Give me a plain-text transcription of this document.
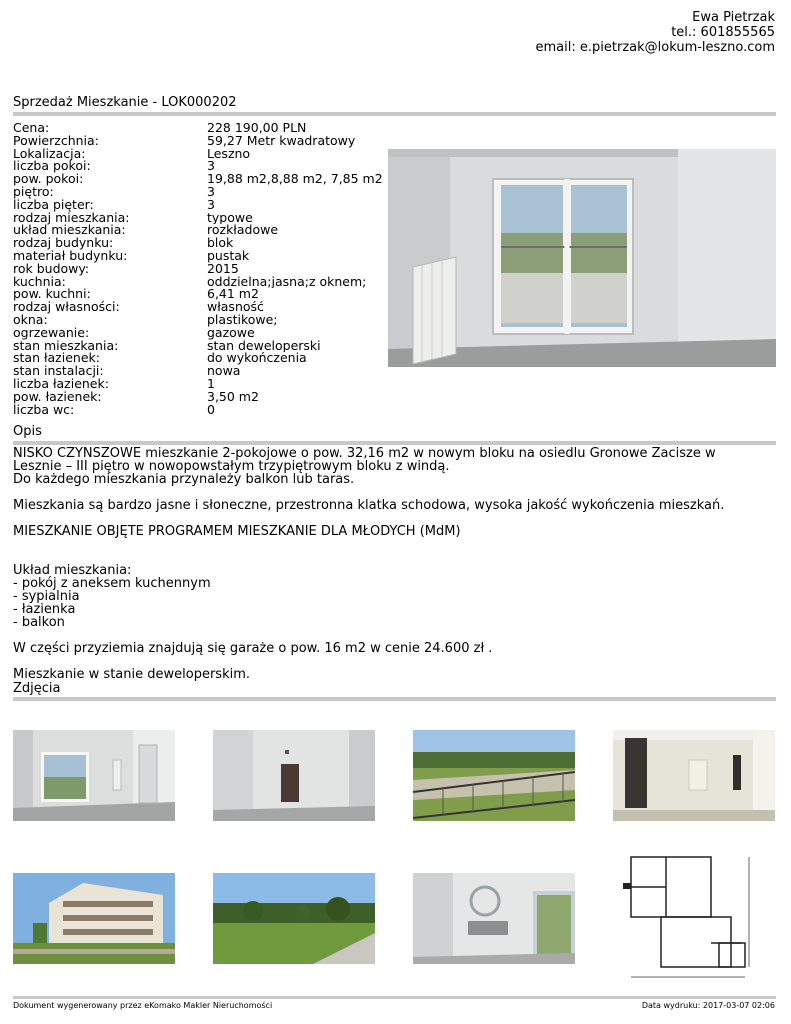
Ewa Pietrzak
tel.: 601855565
email: e.pietrzak@lokum-leszno.com
Sprzedaż Mieszkanie - LOK000202
Cena:	228 190,00 PLN
Powierzchnia:	59,27 Metr kwadratowy
Lokalizacja:	Leszno
liczba pokoi:	3
pow. pokoi:	19,88 m2,8,88 m2, 7,85 m2
piętro:	3
liczba pięter:	3
rodzaj mieszkania:	typowe
układ mieszkania:	rozkładowe
rodzaj budynku:	blok
materiał budynku:	pustak
rok budowy:	2015
kuchnia:	oddzielna;jasna;z oknem;
pow. kuchni:	6,41 m2
rodzaj własności:	własność
okna:	plastikowe;
ogrzewanie:	gazowe
stan mieszkania:	stan deweloperski
stan łazienek:	do wykończenia
stan instalacji:	nowa
liczba łazienek:	1
pow. łazienek:	3,50 m2
liczba wc:	0
Opis

NISKO CZYNSZOWE mieszkanie 2-pokojowe o pow. 32,16 m2 w nowym bloku na osiedlu Gronowe Zacisze w

Lesznie – III piętro w nowopowstałym trzypiętrowym bloku z windą.

Do każdego mieszkania przynależy balkon lub taras.

Mieszkania są bardzo jasne i słoneczne, przestronna klatka schodowa, wysoka jakość wykończenia mieszkań.

MIESZKANIE OBJĘTE PROGRAMEM MIESZKANIE DLA MŁODYCH (MdM)

Układ mieszkania:

- pokój z aneksem kuchennym

- sypialnia

- łazienka

- balkon

W części przyziemia znajdują się garaże o pow. 16 m2 w cenie 24.600 zł .

Mieszkanie w stanie deweloperskim.

Zdjęcia
Dokument wygenerowany przez eKomako Makler Nieruchomości	Data wydruku: 2017-03-07 02:06
